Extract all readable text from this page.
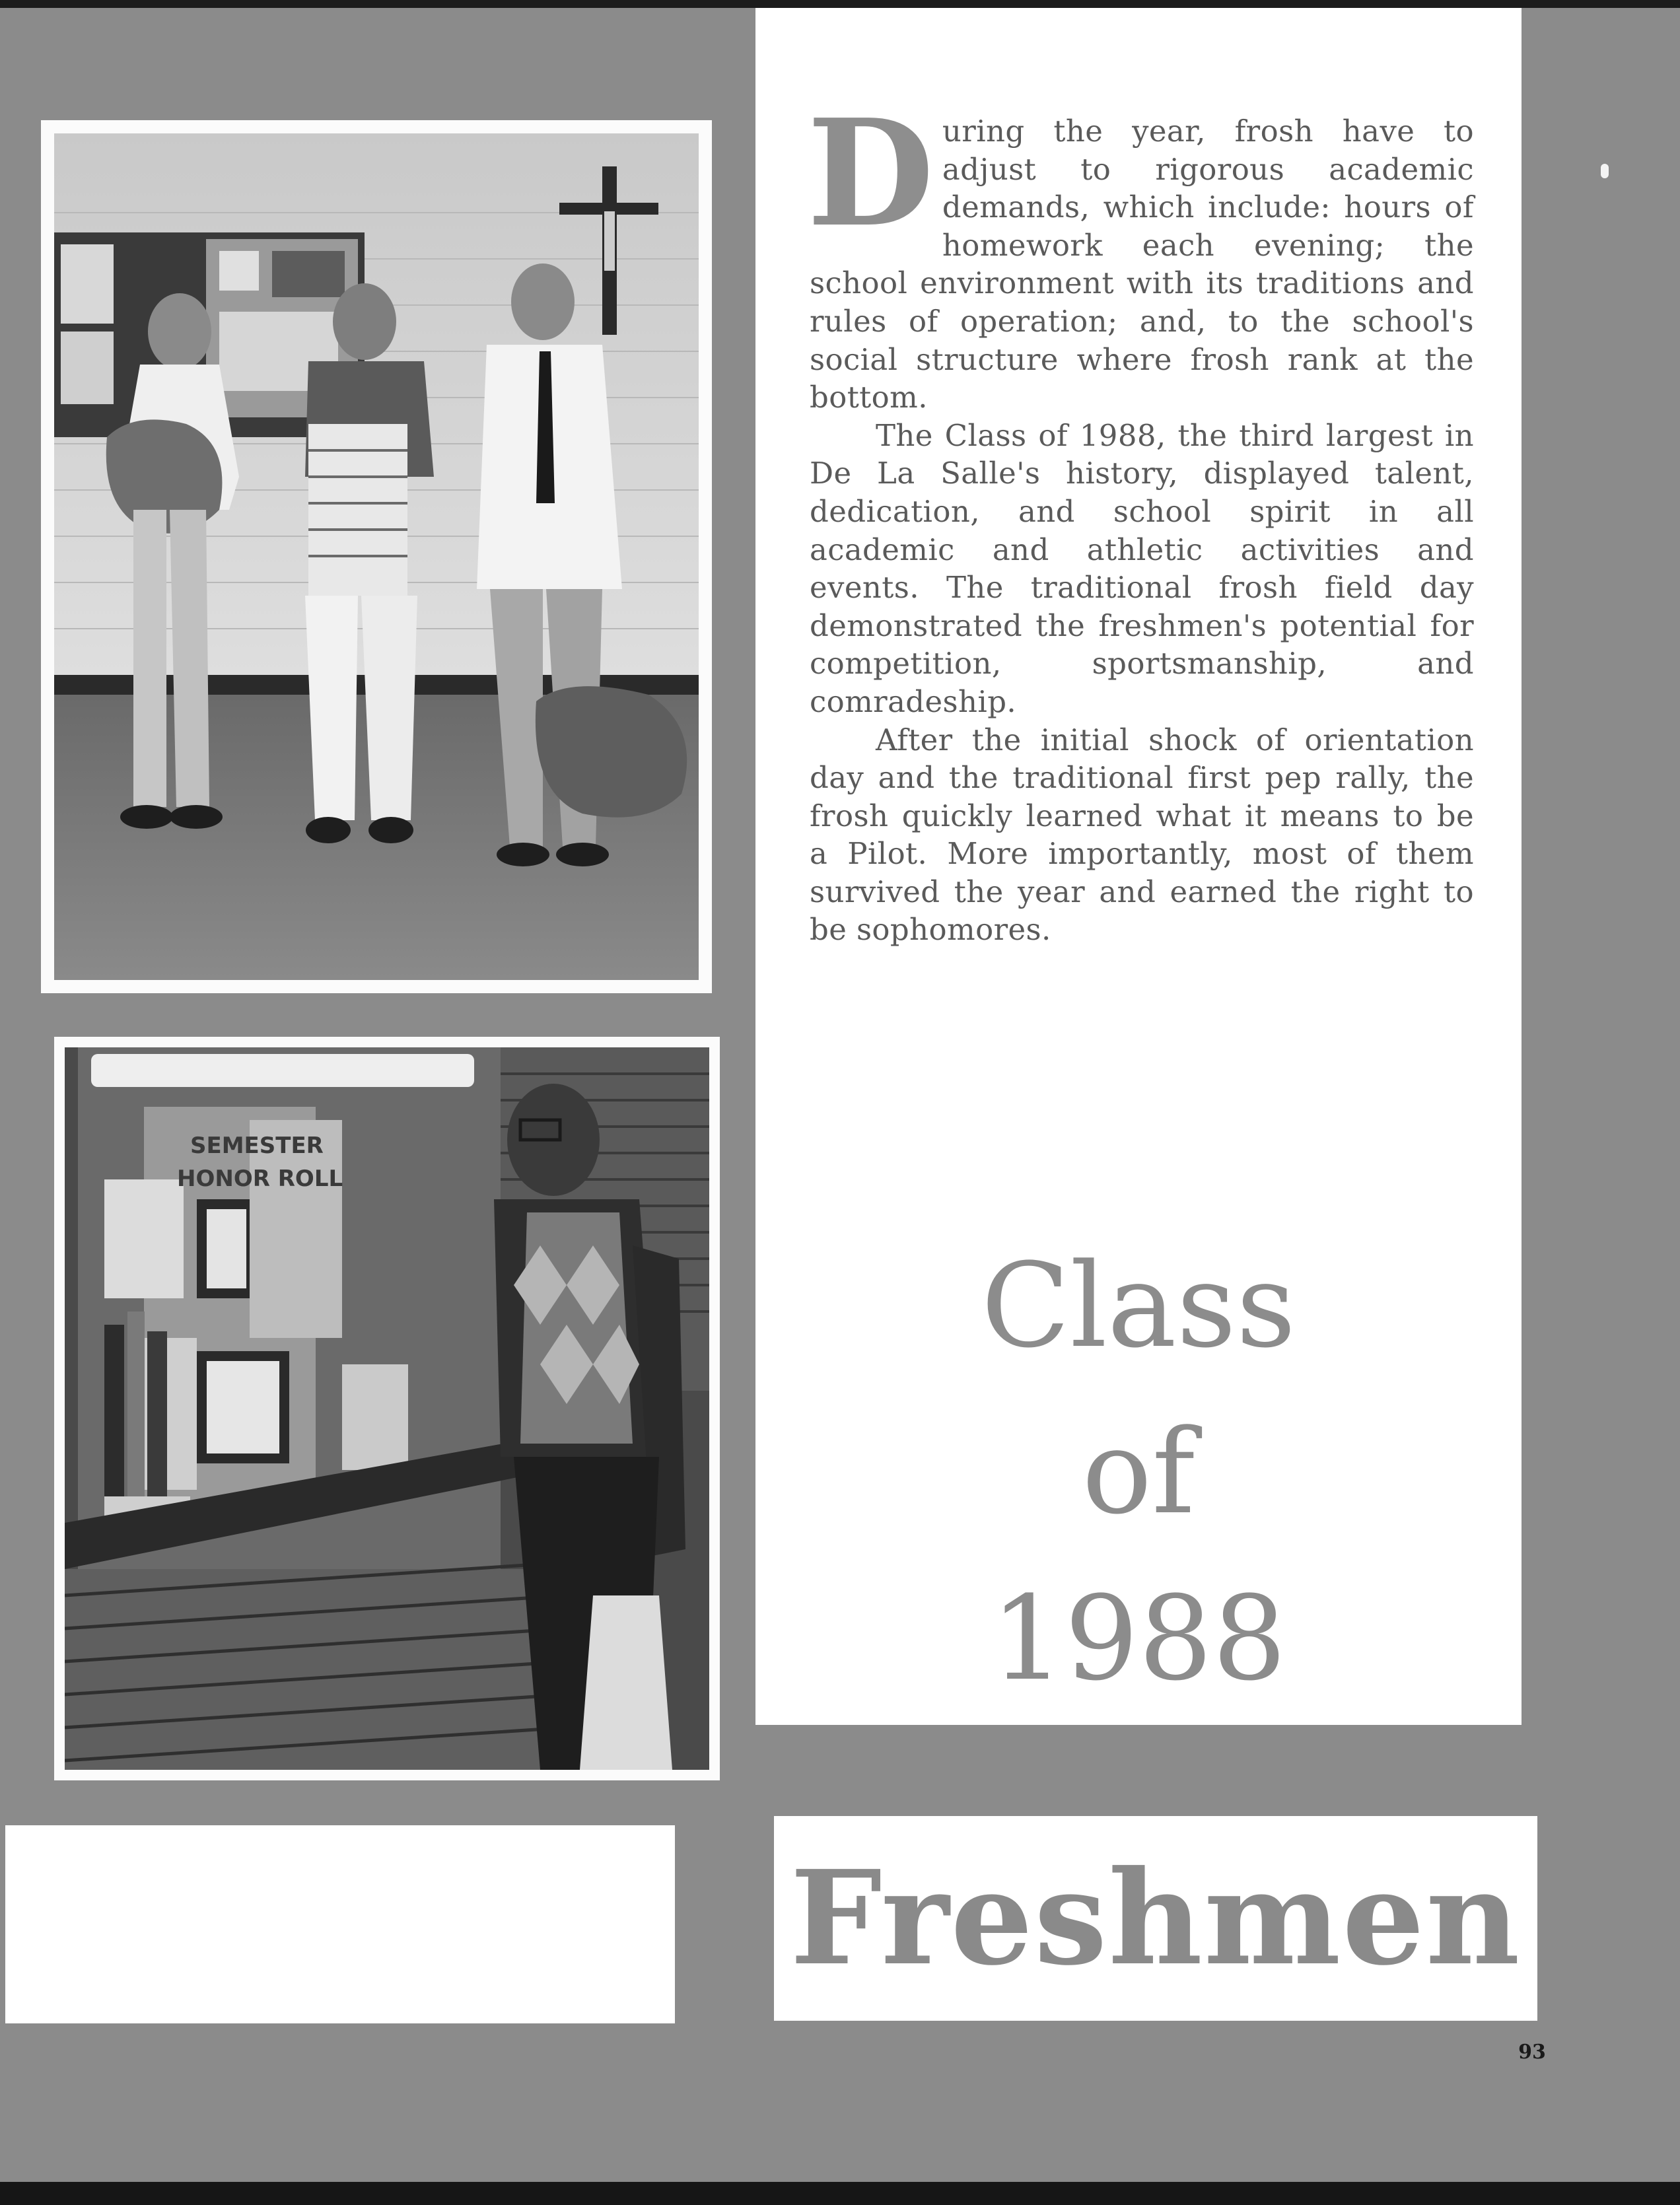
SEMESTER
HONOR ROLL

During the year, frosh have to adjust to rigorous academic demands, which include: hours of homework each evening; the school environment with its traditions and rules of operation; and, to the school's social structure where frosh rank at the bottom.

The Class of 1988, the third largest in De La Salle's history, displayed talent, dedication, and school spirit in all academic and athletic activities and events. The traditional frosh field day demonstrated the freshmen's potential for competition, sportsmanship, and comradeship.

After the initial shock of orientation day and the traditional first pep rally, the frosh quickly learned what it means to be a Pilot. More importantly, most of them survived the year and earned the right to be sophomores.

Class
of
1988
Freshmen
93
